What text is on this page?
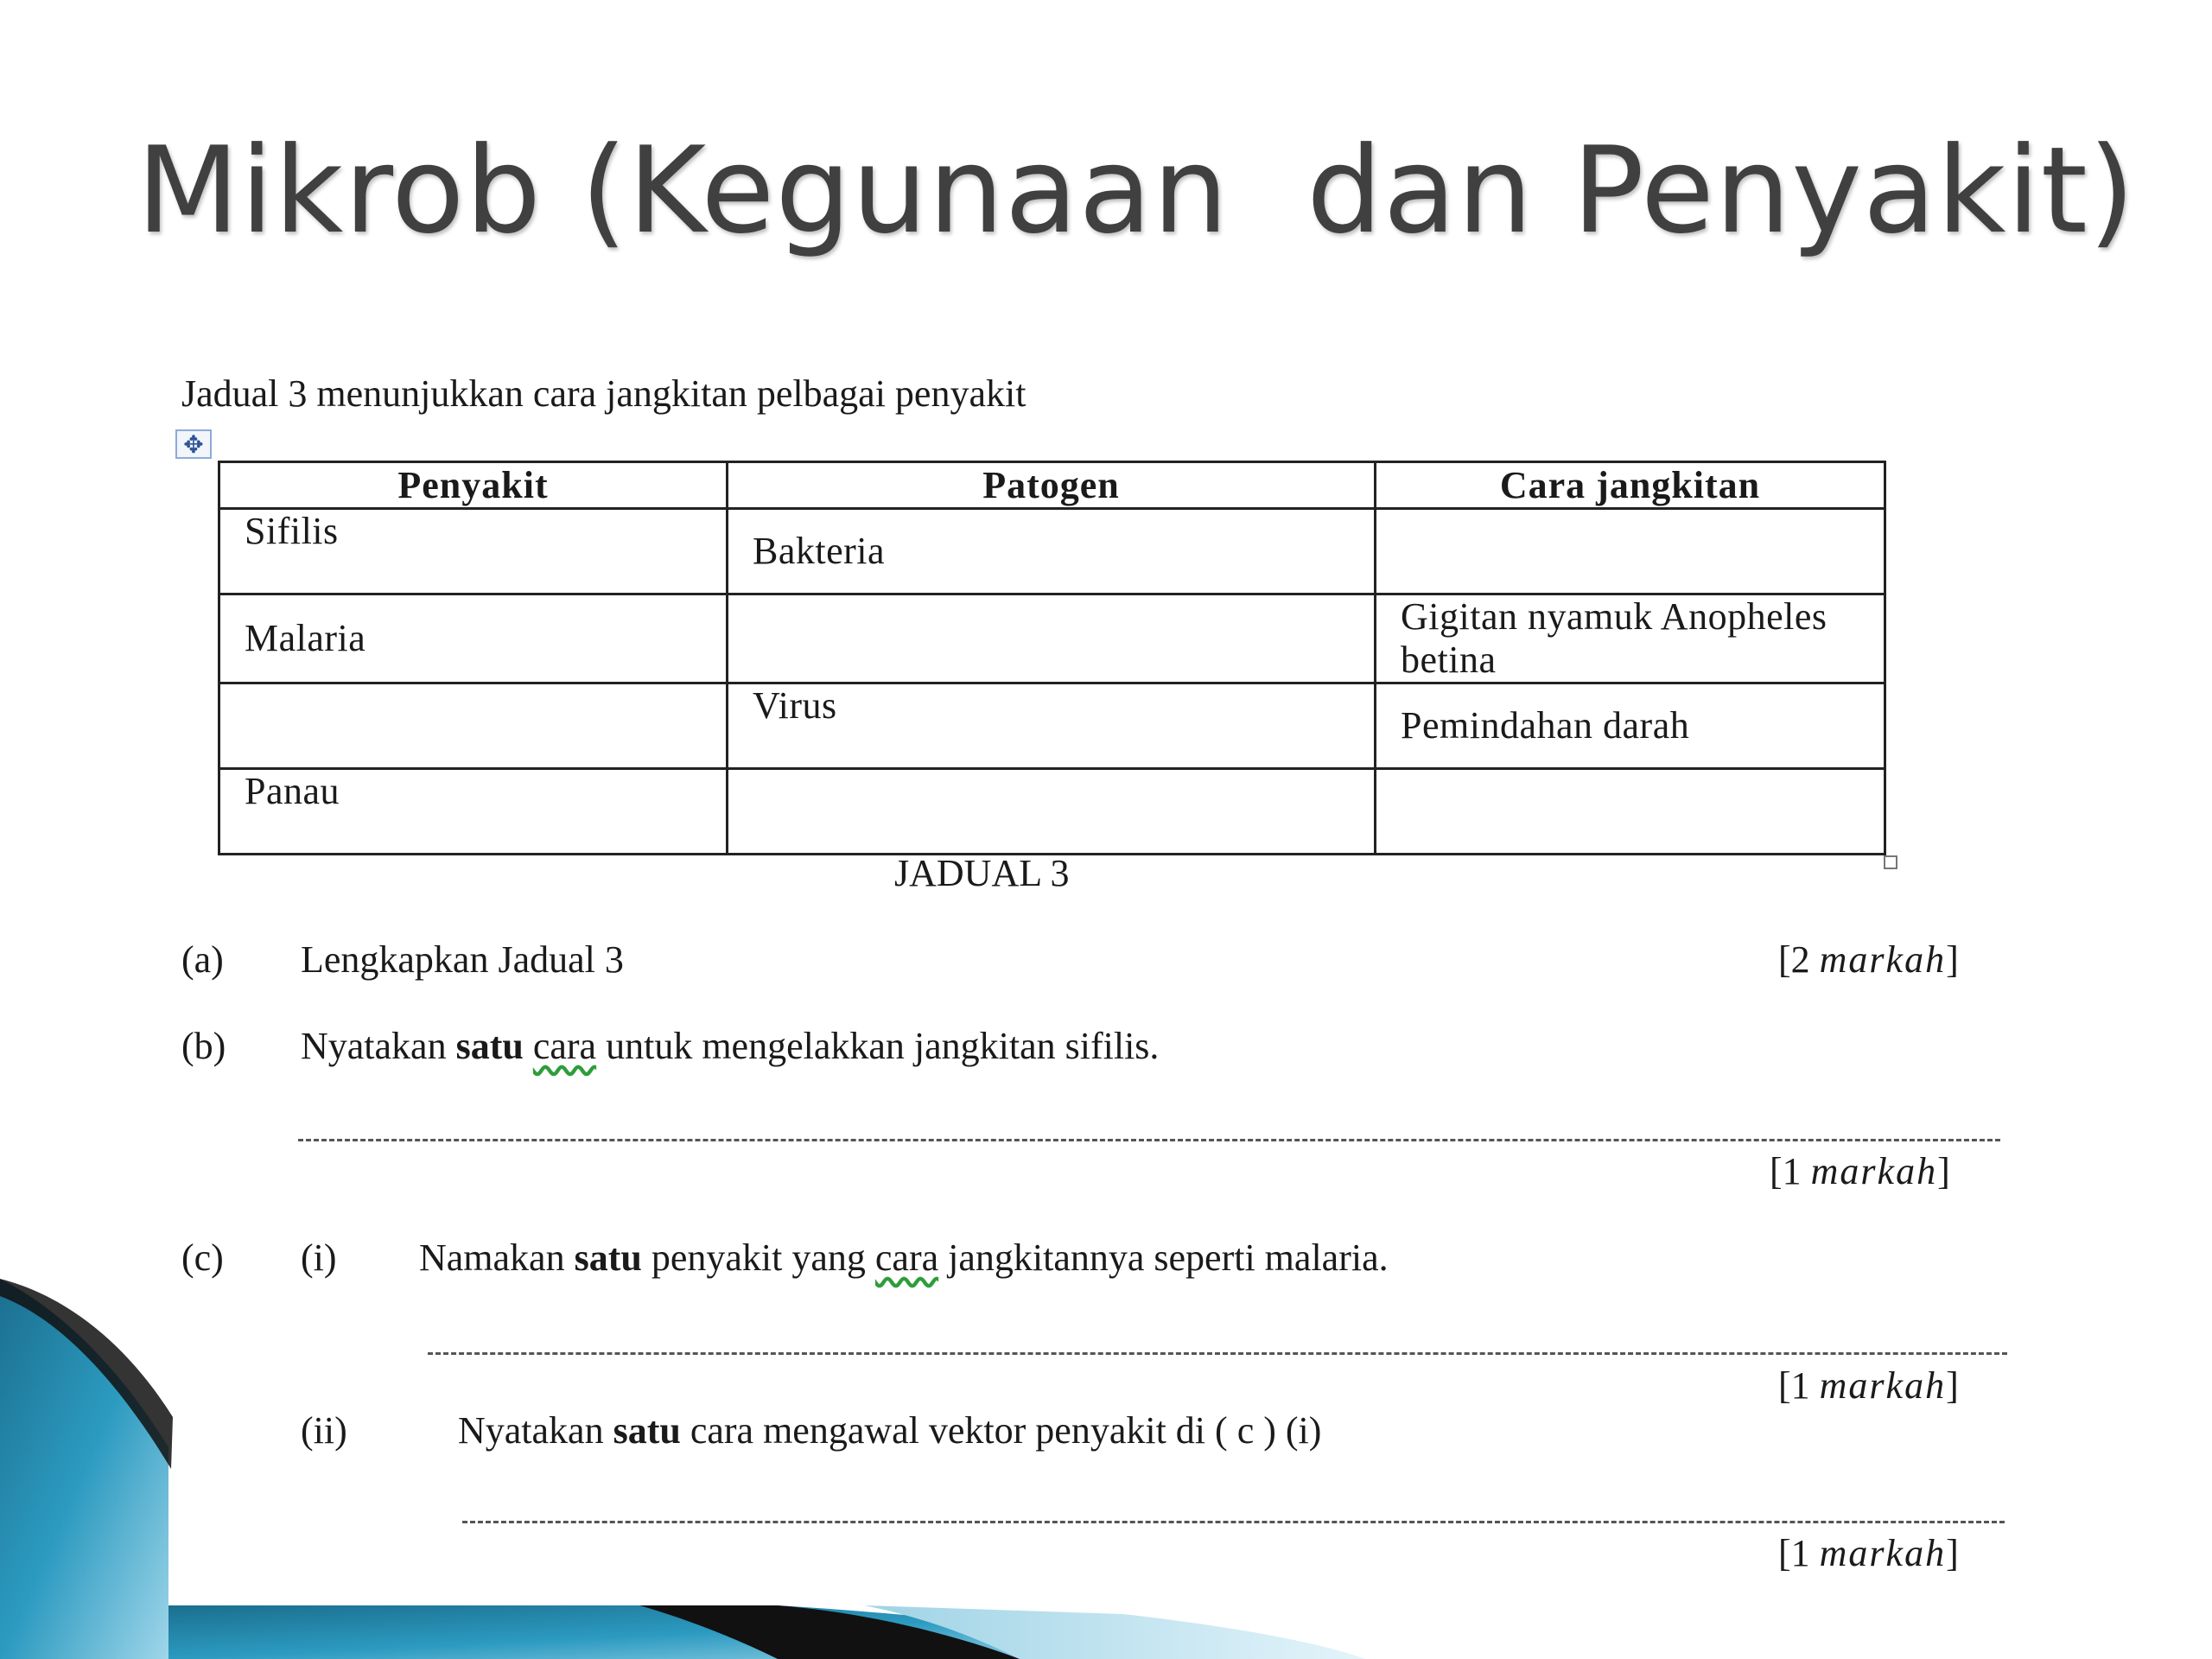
Mikrob (Kegunaan  dan Penyakit)
Jadual 3 menunjukkan cara jangkitan pelbagai penyakit
✥
Penyakit	Patogen	Cara jangkitan
Sifilis	Bakteria	
Malaria		Gigitan nyamuk Anopheles betina
	Virus	Pemindahan darah
Panau		
JADUAL 3
(a) Lengkapkan Jadual 3	[2 markah]
(b) Nyatakan satu cara untuk mengelakkan jangkitan sifilis.
[1 markah]
(c) (i) Namakan satu penyakit yang cara jangkitannya seperti malaria.
[1 markah]
(ii)	Nyatakan satu cara mengawal vektor penyakit di ( c ) (i)
[1 markah]
